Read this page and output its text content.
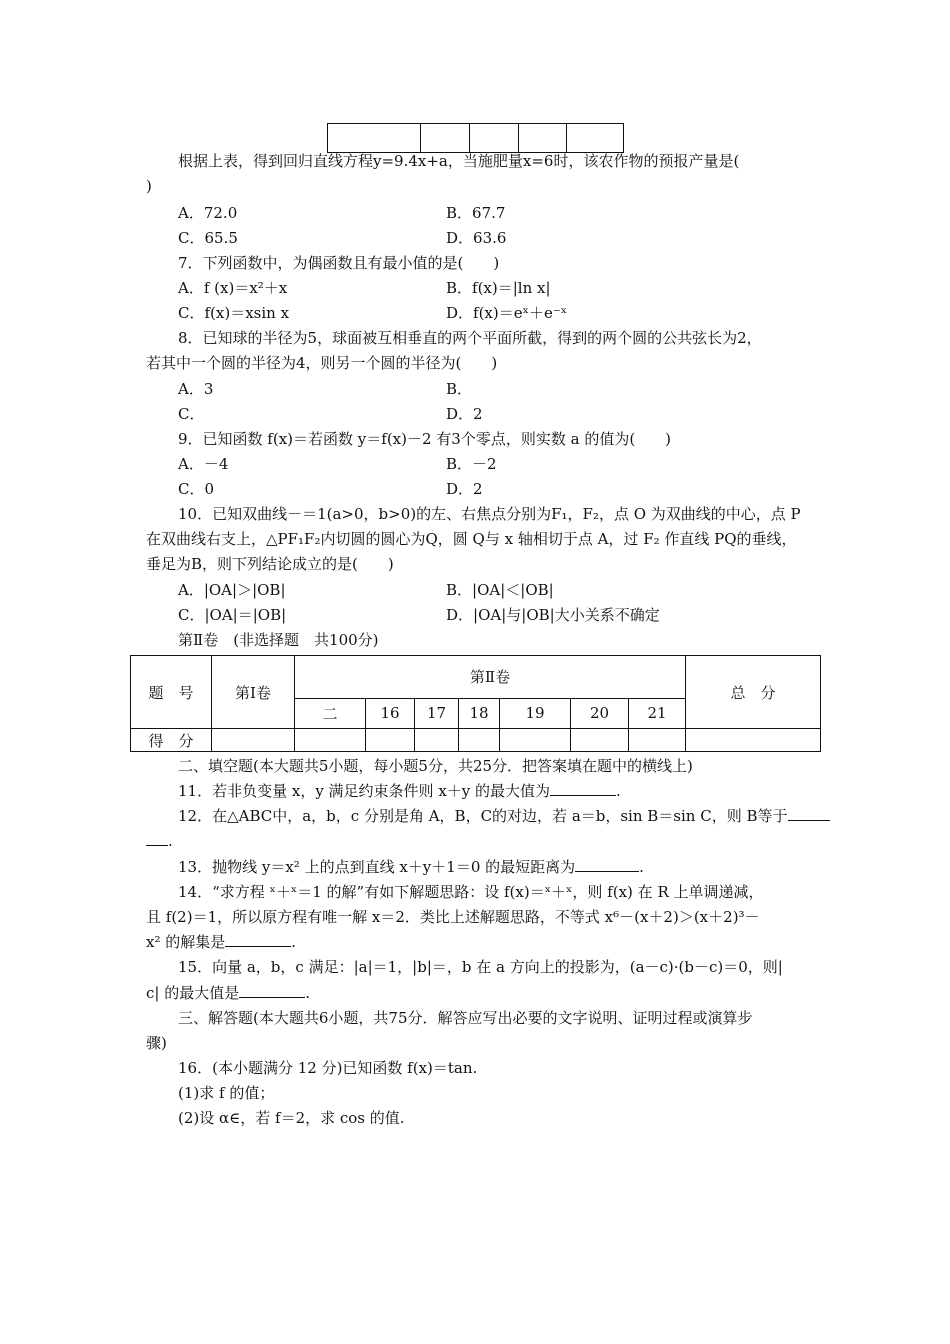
根据上表，得到回归直线方程y=9.4x+a，当施肥量x=6时，该农作物的预报产量是(
)
A．72.0	B．67.7
C．65.5	D．63.6
7．下列函数中，为偶函数且有最小值的是(　　)
A．f (x)＝x²＋x	B．f(x)＝|ln x|
C．f(x)＝xsin x	D．f(x)＝eˣ＋e⁻ˣ
8．已知球的半径为5，球面被互相垂直的两个平面所截，得到的两个圆的公共弦长为2，
若其中一个圆的半径为4，则另一个圆的半径为(　　)
A．3	B．
C．	D．2
9．已知函数 f(x)＝若函数 y＝f(x)－2 有3个零点，则实数 a 的值为(　　)
A．－4	B．－2
C．0	D．2
10．已知双曲线－＝1(a>0，b>0)的左、右焦点分别为F₁，F₂，点 O 为双曲线的中心，点 P
在双曲线右支上，△PF₁F₂内切圆的圆心为Q，圆 Q与 x 轴相切于点 A，过 F₂ 作直线 PQ的垂线，
垂足为B，则下列结论成立的是(　　)
A．|OA|＞|OB|	B．|OA|＜|OB|
C．|OA|＝|OB|	D．|OA|与|OB|大小关系不确定
第Ⅱ卷　(非选择题　共100分)
题　号	第Ⅰ卷	第Ⅱ卷							总　分
		二	16	17	18	19	20	21	
得　分									
二、填空题(本大题共5小题，每小题5分，共25分．把答案填在题中的横线上)
11．若非负变量 x，y 满足约束条件则 x＋y 的最大值为	.
12．在△ABC中，a，b，c 分别是角 A，B，C的对边，若 a＝b，sin B＝sin C，则 B等于
.
13．抛物线 y＝x² 上的点到直线 x＋y＋1＝0 的最短距离为	.
14．“求方程 ˣ＋ˣ＝1 的解”有如下解题思路：设 f(x)＝ˣ＋ˣ，则 f(x) 在 R 上单调递减，
且 f(2)＝1，所以原方程有唯一解 x＝2．类比上述解题思路，不等式 x⁶－(x＋2)＞(x＋2)³－
x² 的解集是	.
15．向量 a，b，c 满足：|a|＝1，|b|＝，b 在 a 方向上的投影为，(a－c)·(b－c)＝0，则|
c| 的最大值是	.
三、解答题(本大题共6小题，共75分．解答应写出必要的文字说明、证明过程或演算步
骤)
16．(本小题满分 12 分)已知函数 f(x)＝tan.
(1)求 f 的值；
(2)设 α∈，若 f＝2，求 cos 的值.
